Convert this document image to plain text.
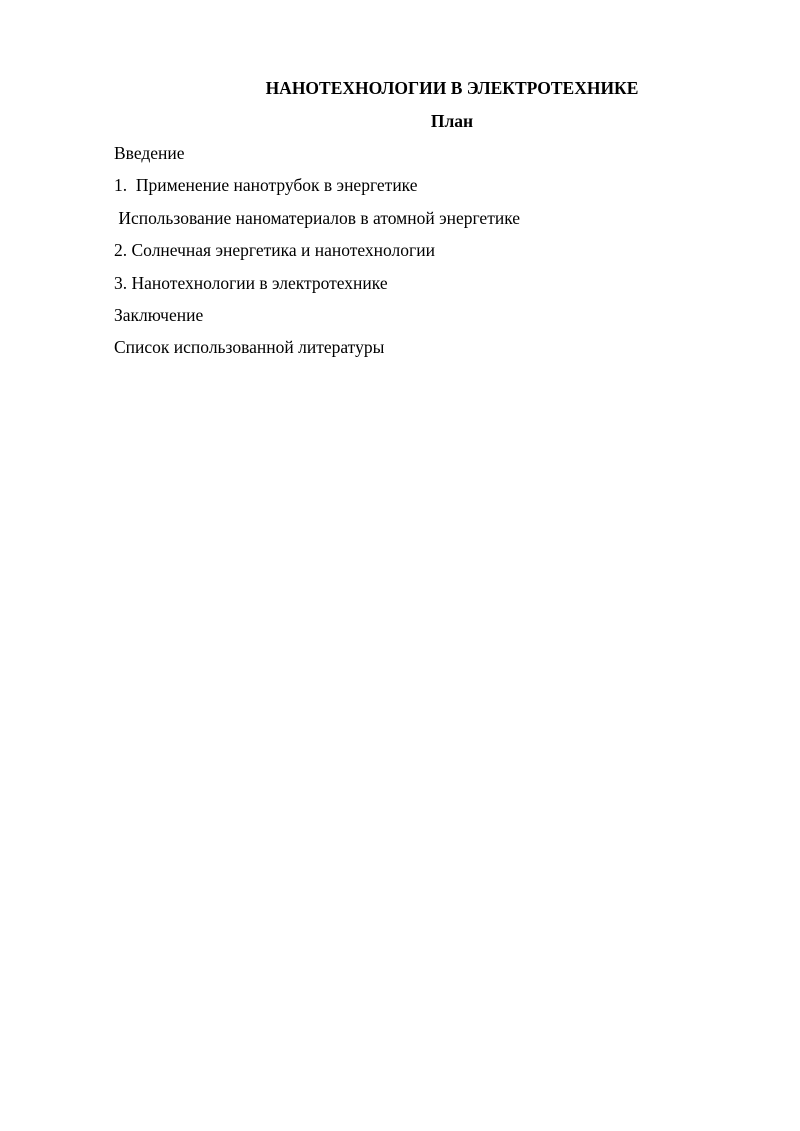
НАНОТЕХНОЛОГИИ В ЭЛЕКТРОТЕХНИКЕ
План
Введение
1.  Применение нанотрубок в энергетике
Использование наноматериалов в атомной энергетике
2. Солнечная энергетика и нанотехнологии
3. Нанотехнологии в электротехнике
Заключение
Список использованной литературы
